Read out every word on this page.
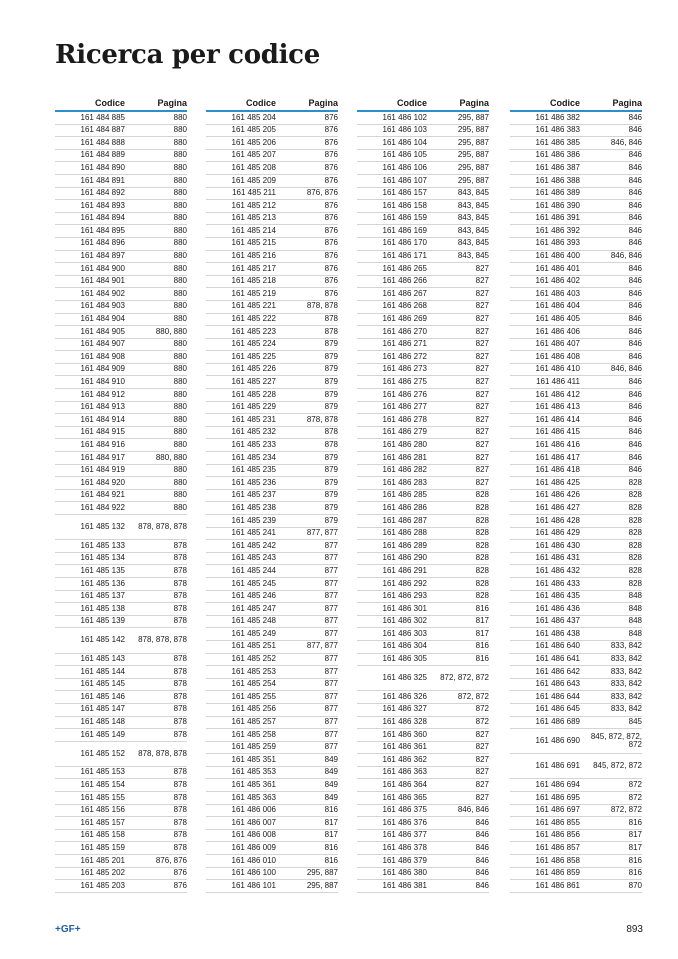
Ricerca per codice
Codice	Pagina
161 484 885	880
161 484 887	880
161 484 888	880
161 484 889	880
161 484 890	880
161 484 891	880
161 484 892	880
161 484 893	880
161 484 894	880
161 484 895	880
161 484 896	880
161 484 897	880
161 484 900	880
161 484 901	880
161 484 902	880
161 484 903	880
161 484 904	880
161 484 905	880, 880
161 484 907	880
161 484 908	880
161 484 909	880
161 484 910	880
161 484 912	880
161 484 913	880
161 484 914	880
161 484 915	880
161 484 916	880
161 484 917	880, 880
161 484 919	880
161 484 920	880
161 484 921	880
161 484 922	880
161 485 132	878, 878, 878
161 485 133	878
161 485 134	878
161 485 135	878
161 485 136	878
161 485 137	878
161 485 138	878
161 485 139	878
161 485 142	878, 878, 878
161 485 143	878
161 485 144	878
161 485 145	878
161 485 146	878
161 485 147	878
161 485 148	878
161 485 149	878
161 485 152	878, 878, 878
161 485 153	878
161 485 154	878
161 485 155	878
161 485 156	878
161 485 157	878
161 485 158	878
161 485 159	878
161 485 201	876, 876
161 485 202	876
161 485 203	876
Codice	Pagina
161 485 204	876
161 485 205	876
161 485 206	876
161 485 207	876
161 485 208	876
161 485 209	876
161 485 211	876, 876
161 485 212	876
161 485 213	876
161 485 214	876
161 485 215	876
161 485 216	876
161 485 217	876
161 485 218	876
161 485 219	876
161 485 221	878, 878
161 485 222	878
161 485 223	878
161 485 224	879
161 485 225	879
161 485 226	879
161 485 227	879
161 485 228	879
161 485 229	879
161 485 231	878, 878
161 485 232	878
161 485 233	878
161 485 234	879
161 485 235	879
161 485 236	879
161 485 237	879
161 485 238	879
161 485 239	879
161 485 241	877, 877
161 485 242	877
161 485 243	877
161 485 244	877
161 485 245	877
161 485 246	877
161 485 247	877
161 485 248	877
161 485 249	877
161 485 251	877, 877
161 485 252	877
161 485 253	877
161 485 254	877
161 485 255	877
161 485 256	877
161 485 257	877
161 485 258	877
161 485 259	877
161 485 351	849
161 485 353	849
161 485 361	849
161 485 363	849
161 486 006	816
161 486 007	817
161 486 008	817
161 486 009	816
161 486 010	816
161 486 100	295, 887
161 486 101	295, 887
Codice	Pagina
161 486 102	295, 887
161 486 103	295, 887
161 486 104	295, 887
161 486 105	295, 887
161 486 106	295, 887
161 486 107	295, 887
161 486 157	843, 845
161 486 158	843, 845
161 486 159	843, 845
161 486 169	843, 845
161 486 170	843, 845
161 486 171	843, 845
161 486 265	827
161 486 266	827
161 486 267	827
161 486 268	827
161 486 269	827
161 486 270	827
161 486 271	827
161 486 272	827
161 486 273	827
161 486 275	827
161 486 276	827
161 486 277	827
161 486 278	827
161 486 279	827
161 486 280	827
161 486 281	827
161 486 282	827
161 486 283	827
161 486 285	828
161 486 286	828
161 486 287	828
161 486 288	828
161 486 289	828
161 486 290	828
161 486 291	828
161 486 292	828
161 486 293	828
161 486 301	816
161 486 302	817
161 486 303	817
161 486 304	816
161 486 305	816
161 486 325	872, 872, 872
161 486 326	872, 872
161 486 327	872
161 486 328	872
161 486 360	827
161 486 361	827
161 486 362	827
161 486 363	827
161 486 364	827
161 486 365	827
161 486 375	846, 846
161 486 376	846
161 486 377	846
161 486 378	846
161 486 379	846
161 486 380	846
161 486 381	846
Codice	Pagina
161 486 382	846
161 486 383	846
161 486 385	846, 846
161 486 386	846
161 486 387	846
161 486 388	846
161 486 389	846
161 486 390	846
161 486 391	846
161 486 392	846
161 486 393	846
161 486 400	846, 846
161 486 401	846
161 486 402	846
161 486 403	846
161 486 404	846
161 486 405	846
161 486 406	846
161 486 407	846
161 486 408	846
161 486 410	846, 846
161 486 411	846
161 486 412	846
161 486 413	846
161 486 414	846
161 486 415	846
161 486 416	846
161 486 417	846
161 486 418	846
161 486 425	828
161 486 426	828
161 486 427	828
161 486 428	828
161 486 429	828
161 486 430	828
161 486 431	828
161 486 432	828
161 486 433	828
161 486 435	848
161 486 436	848
161 486 437	848
161 486 438	848
161 486 640	833, 842
161 486 641	833, 842
161 486 642	833, 842
161 486 643	833, 842
161 486 644	833, 842
161 486 645	833, 842
161 486 689	845
161 486 690	845, 872, 872, 872
161 486 691	845, 872, 872
161 486 694	872
161 486 695	872
161 486 697	872, 872
161 486 855	816
161 486 856	817
161 486 857	817
161 486 858	816
161 486 859	816
161 486 861	870
+GF+	893
